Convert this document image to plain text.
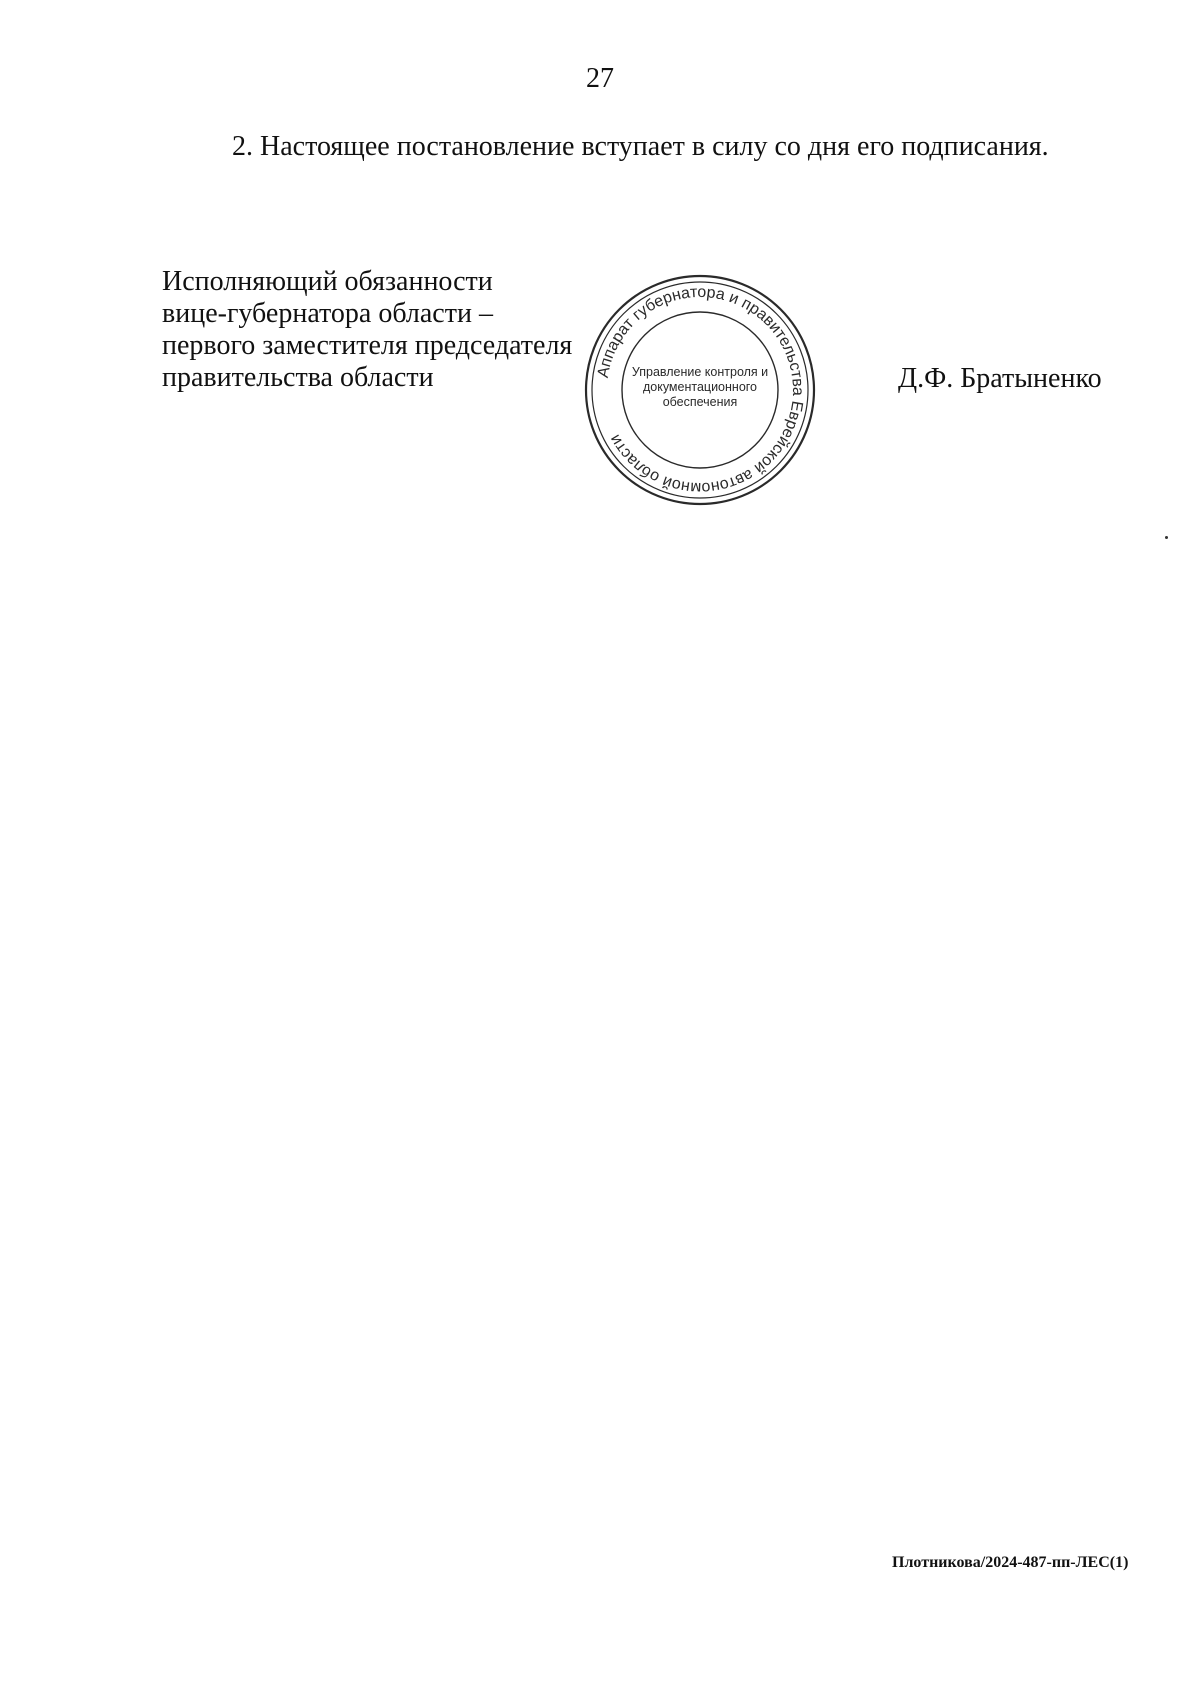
27
2. Настоящее постановление вступает в силу со дня его подписания.
Исполняющий обязанности
вице-губернатора области –
первого заместителя председателя
правительства области	Аппарат губернатора и правительства Еврейской автономной области
Управление контроля и
документационного
обеспечения
Д.Ф. Братыненко
Плотникова/2024-487-пп-ЛЕС(1)
